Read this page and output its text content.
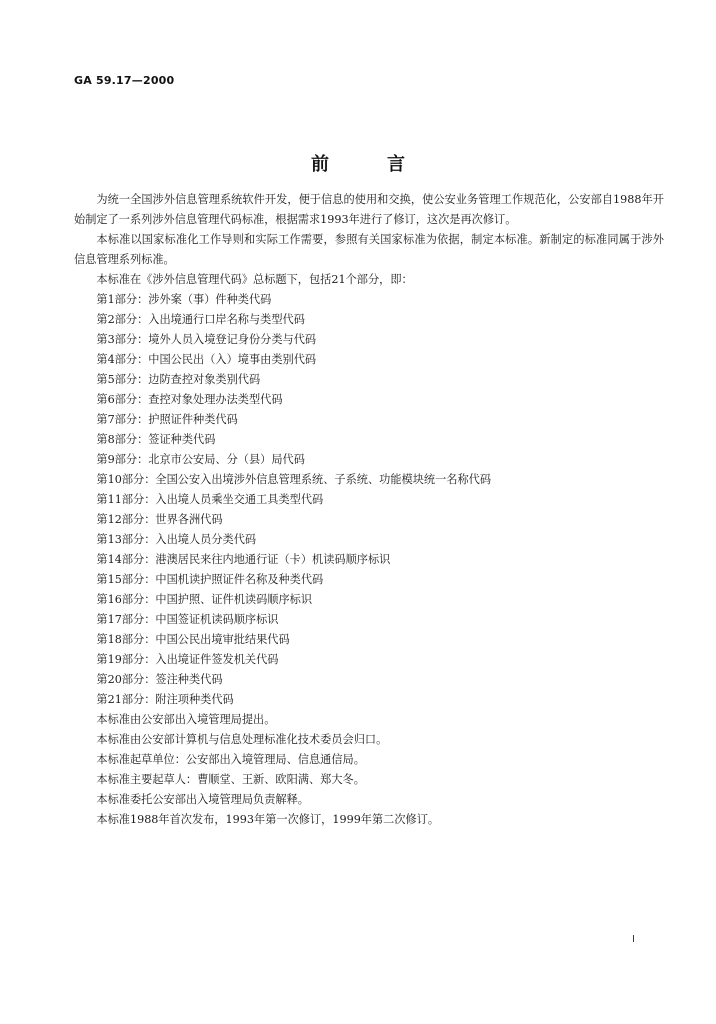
GA 59.17—2000
前	言

为统一全国涉外信息管理系统软件开发，便于信息的使用和交换，使公安业务管理工作规范化，公安部自1988年开始制定了一系列涉外信息管理代码标准，根据需求1993年进行了修订，这次是再次修订。

本标准以国家标准化工作导则和实际工作需要，参照有关国家标准为依据，制定本标准。新制定的标准同属于涉外信息管理系列标准。

本标准在《涉外信息管理代码》总标题下，包括21个部分，即：

第1部分：涉外案（事）件种类代码

第2部分：入出境通行口岸名称与类型代码

第3部分：境外人员入境登记身份分类与代码

第4部分：中国公民出（入）境事由类别代码

第5部分：边防查控对象类别代码

第6部分：查控对象处理办法类型代码

第7部分：护照证件种类代码

第8部分：签证种类代码

第9部分：北京市公安局、分（县）局代码

第10部分：全国公安入出境涉外信息管理系统、子系统、功能模块统一名称代码

第11部分：入出境人员乘坐交通工具类型代码

第12部分：世界各洲代码

第13部分：入出境人员分类代码

第14部分：港澳居民来往内地通行证（卡）机读码顺序标识

第15部分：中国机读护照证件名称及种类代码

第16部分：中国护照、证件机读码顺序标识

第17部分：中国签证机读码顺序标识

第18部分：中国公民出境审批结果代码

第19部分：入出境证件签发机关代码

第20部分：签注种类代码

第21部分：附注项种类代码

本标准由公安部出入境管理局提出。

本标准由公安部计算机与信息处理标准化技术委员会归口。

本标准起草单位：公安部出入境管理局、信息通信局。

本标准主要起草人：曹顺堂、王新、欧阳满、郑大冬。

本标准委托公安部出入境管理局负责解释。

本标准1988年首次发布，1993年第一次修订，1999年第二次修订。

I
